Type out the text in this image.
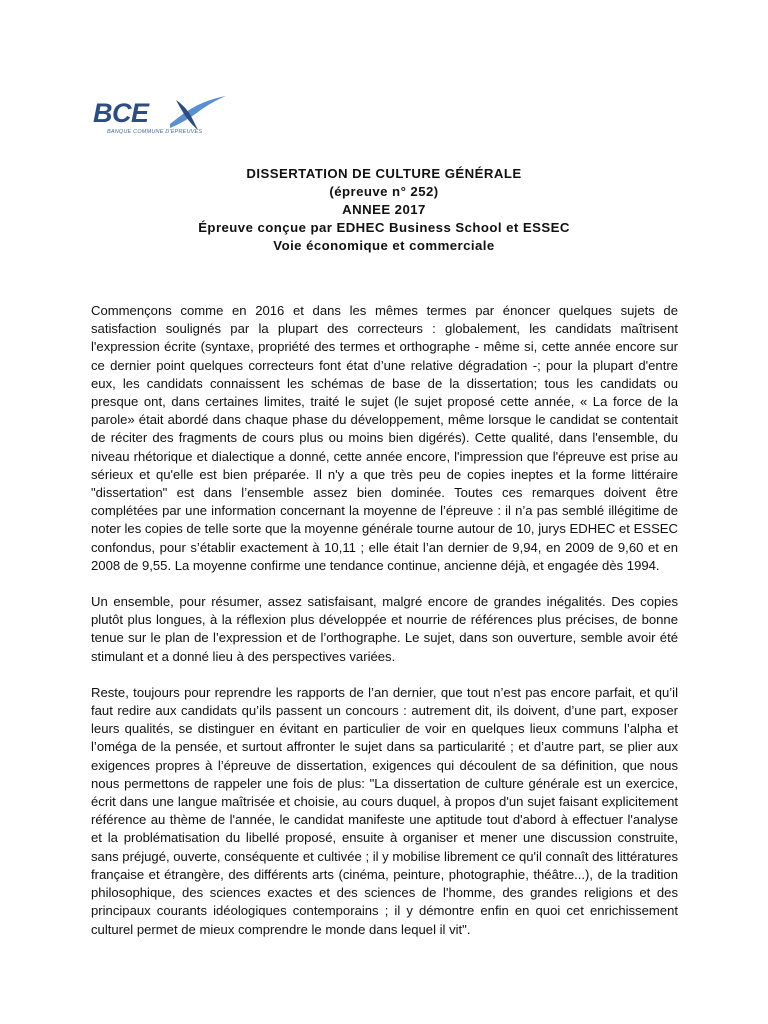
BCE
BANQUE COMMUNE D'ÉPREUVES
DISSERTATION DE CULTURE GÉNÉRALE
(épreuve n° 252)
ANNEE 2017
Épreuve conçue par EDHEC Business School et ESSEC
Voie économique et commerciale

Commençons comme en 2016 et dans les mêmes termes par énoncer quelques sujets de satisfaction soulignés par la plupart des correcteurs : globalement, les candidats maîtrisent l'expression écrite (syntaxe, propriété des termes et orthographe - même si, cette année encore sur ce dernier point quelques correcteurs font état d’une relative dégradation -; pour la plupart d'entre eux, les candidats connaissent les schémas de base de la dissertation; tous les candidats ou presque ont, dans certaines limites, traité le sujet (le sujet proposé cette année, « La force de la parole» était abordé dans chaque phase du développement, même lorsque le candidat se contentait de réciter des fragments de cours plus ou moins bien digérés). Cette qualité, dans l'ensemble, du niveau rhétorique et dialectique a donné, cette année encore, l'impression que l'épreuve est prise au sérieux et qu'elle est bien préparée. Il n'y a que très peu de copies ineptes et la forme littéraire "dissertation" est dans l’ensemble assez bien dominée. Toutes ces remarques doivent être complétées par une information concernant la moyenne de l’épreuve : il n’a pas semblé illégitime de noter les copies de telle sorte que la moyenne générale tourne autour de 10, jurys EDHEC et ESSEC confondus, pour s’établir exactement à 10,11 ; elle était l’an dernier de 9,94, en 2009 de 9,60 et en 2008 de 9,55. La moyenne confirme une tendance continue, ancienne déjà, et engagée dès 1994.

Un ensemble, pour résumer, assez satisfaisant, malgré encore de grandes inégalités. Des copies plutôt plus longues, à la réflexion plus développée et nourrie de références plus précises, de bonne tenue sur le plan de l’expression et de l’orthographe. Le sujet, dans son ouverture, semble avoir été stimulant et a donné lieu à des perspectives variées.

Reste, toujours pour reprendre les rapports de l’an dernier, que tout n’est pas encore parfait, et qu’il faut redire aux candidats qu’ils passent un concours : autrement dit, ils doivent, d’une part, exposer leurs qualités, se distinguer en évitant en particulier de voir en quelques lieux communs l’alpha et l’oméga de la pensée, et surtout affronter le sujet dans sa particularité ; et d’autre part, se plier aux exigences propres à l’épreuve de dissertation, exigences qui découlent de sa définition, que nous nous permettons de rappeler une fois de plus: "La dissertation de culture générale est un exercice, écrit dans une langue maîtrisée et choisie, au cours duquel, à propos d'un sujet faisant explicitement référence au thème de l'année, le candidat manifeste une aptitude tout d'abord à effectuer l'analyse et la problématisation du libellé proposé, ensuite à organiser et mener une discussion construite, sans préjugé, ouverte, conséquente et cultivée ; il y mobilise librement ce qu'il connaît des littératures française et étrangère, des différents arts (cinéma, peinture, photographie, théâtre...), de la tradition philosophique, des sciences exactes et des sciences de l'homme, des grandes religions et des principaux courants idéologiques contemporains ; il y démontre enfin en quoi cet enrichissement culturel permet de mieux comprendre le monde dans lequel il vit".
